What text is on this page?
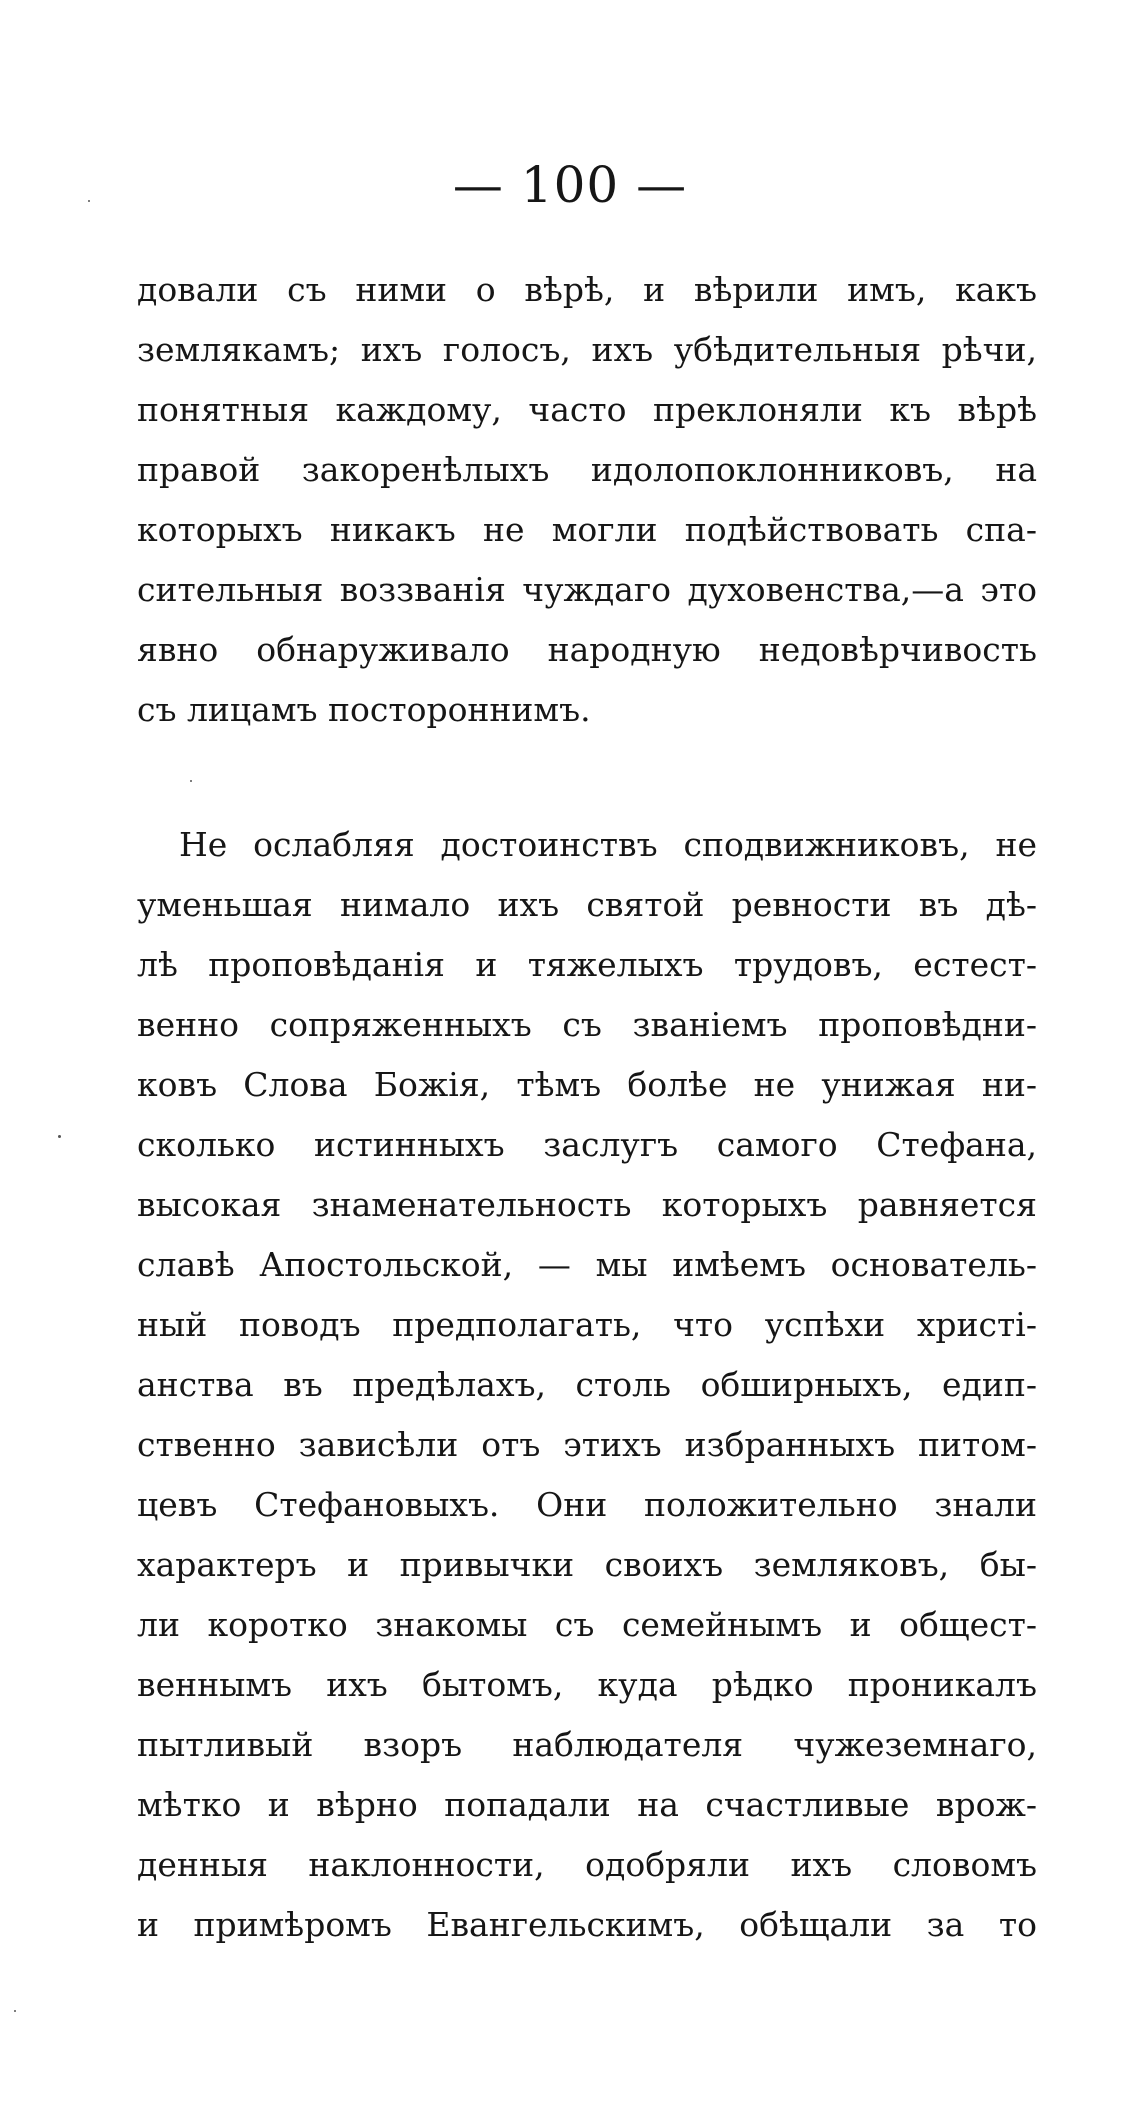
— 100 —
довали съ ними о вѣрѣ, и вѣрили имъ, какъ
землякамъ; ихъ голосъ, ихъ убѣдительныя рѣчи,
понятныя каждому, часто преклоняли къ вѣрѣ
правой закоренѣлыхъ идолопоклонниковъ, на
которыхъ никакъ не могли подѣйствовать спа-
сительныя воззванія чуждаго духовенства,—а это
явно обнаруживало народную недовѣрчивость
съ лицамъ постороннимъ.
Не ослабляя достоинствъ сподвижниковъ, не
уменьшая нимало ихъ святой ревности въ дѣ-
лѣ проповѣданія и тяжелыхъ трудовъ, естест-
венно сопряженныхъ съ званіемъ проповѣдни-
ковъ Слова Божія, тѣмъ болѣе не унижая ни-
сколько истинныхъ заслугъ самого Стефана,
высокая знаменательность которыхъ равняется
славѣ Апостольской, — мы имѣемъ основатель-
ный поводъ предполагать, что успѣхи христі-
анства въ предѣлахъ, столь обширныхъ, едип-
ственно зависѣли отъ этихъ избранныхъ питом-
цевъ Стефановыхъ. Они положительно знали
характеръ и привычки своихъ земляковъ, бы-
ли коротко знакомы съ семейнымъ и общест-
веннымъ ихъ бытомъ, куда рѣдко проникалъ
пытливый взоръ наблюдателя чужеземнаго,
мѣтко и вѣрно попадали на счастливые врож-
денныя наклонности, одобряли ихъ словомъ
и примѣромъ Евангельскимъ, обѣщали за то
